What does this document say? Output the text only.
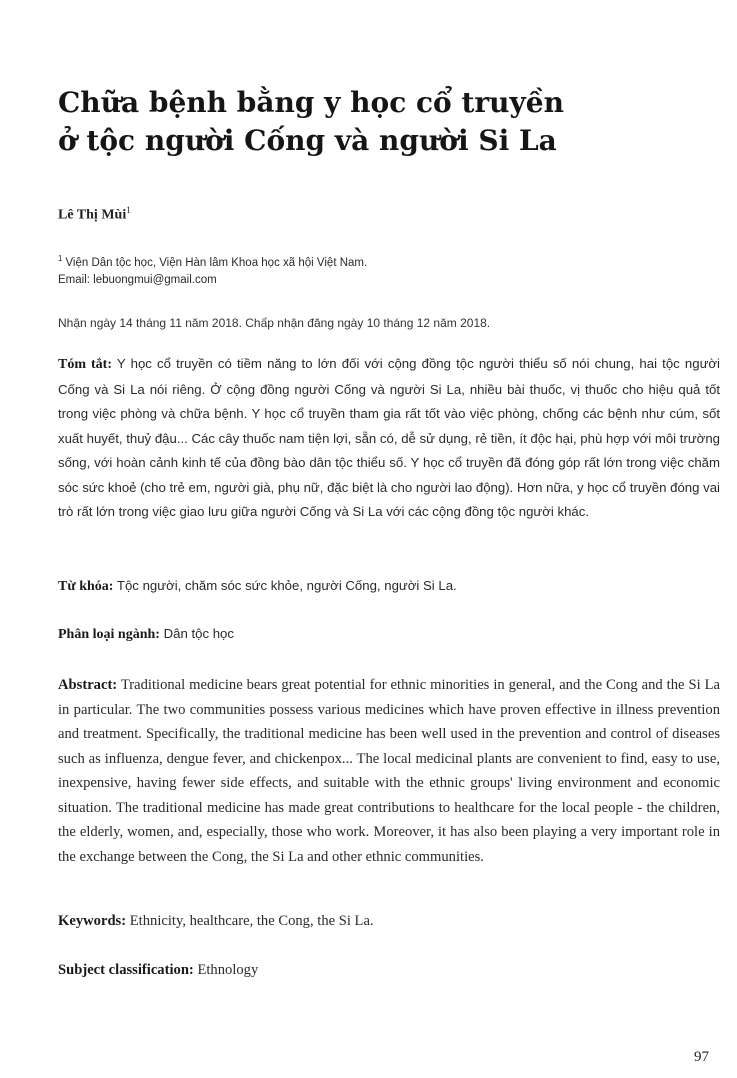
Chữa bệnh bằng y học cổ truyền
ở tộc người Cống và người Si La
Lê Thị Mùi$^1$
$^1$ Viện Dân tộc học, Viện Hàn lâm Khoa học xã hội Việt Nam.
Email: lebuongmui@gmail.com
Nhận ngày 14 tháng 11 năm 2018. Chấp nhận đăng ngày 10 tháng 12 năm 2018.

Tóm tắt: Y học cổ truyền có tiềm năng to lớn đối với cộng đồng tộc người thiểu số nói chung, hai tộc người Cống và Si La nói riêng. Ở cộng đồng người Cống và người Si La, nhiều bài thuốc, vị thuốc cho hiệu quả tốt trong việc phòng và chữa bệnh. Y học cổ truyền tham gia rất tốt vào việc phòng, chống các bệnh như cúm, sốt xuất huyết, thuỷ đậu... Các cây thuốc nam tiện lợi, sẵn có, dễ sử dụng, rẻ tiền, ít độc hại, phù hợp với môi trường sống, với hoàn cảnh kinh tế của đồng bào dân tộc thiểu số. Y học cổ truyền đã đóng góp rất lớn trong việc chăm sóc sức khoẻ (cho trẻ em, người già, phụ nữ, đặc biệt là cho người lao động). Hơn nữa, y học cổ truyền đóng vai trò rất lớn trong việc giao lưu giữa người Cống và Si La với các cộng đồng tộc người khác.

Từ khóa: Tộc người, chăm sóc sức khỏe, người Cống, người Si La.

Phân loại ngành: Dân tộc học

Abstract: Traditional medicine bears great potential for ethnic minorities in general, and the Cong and the Si La in particular. The two communities possess various medicines which have proven effective in illness prevention and treatment. Specifically, the traditional medicine has been well used in the prevention and control of diseases such as influenza, dengue fever, and chickenpox... The local medicinal plants are convenient to find, easy to use, inexpensive, having fewer side effects, and suitable with the ethnic groups' living environment and economic situation. The traditional medicine has made great contributions to healthcare for the local people - the children, the elderly, women, and, especially, those who work. Moreover, it has also been playing a very important role in the exchange between the Cong, the Si La and other ethnic communities.

Keywords: Ethnicity, healthcare, the Cong, the Si La.

Subject classification: Ethnology

97
